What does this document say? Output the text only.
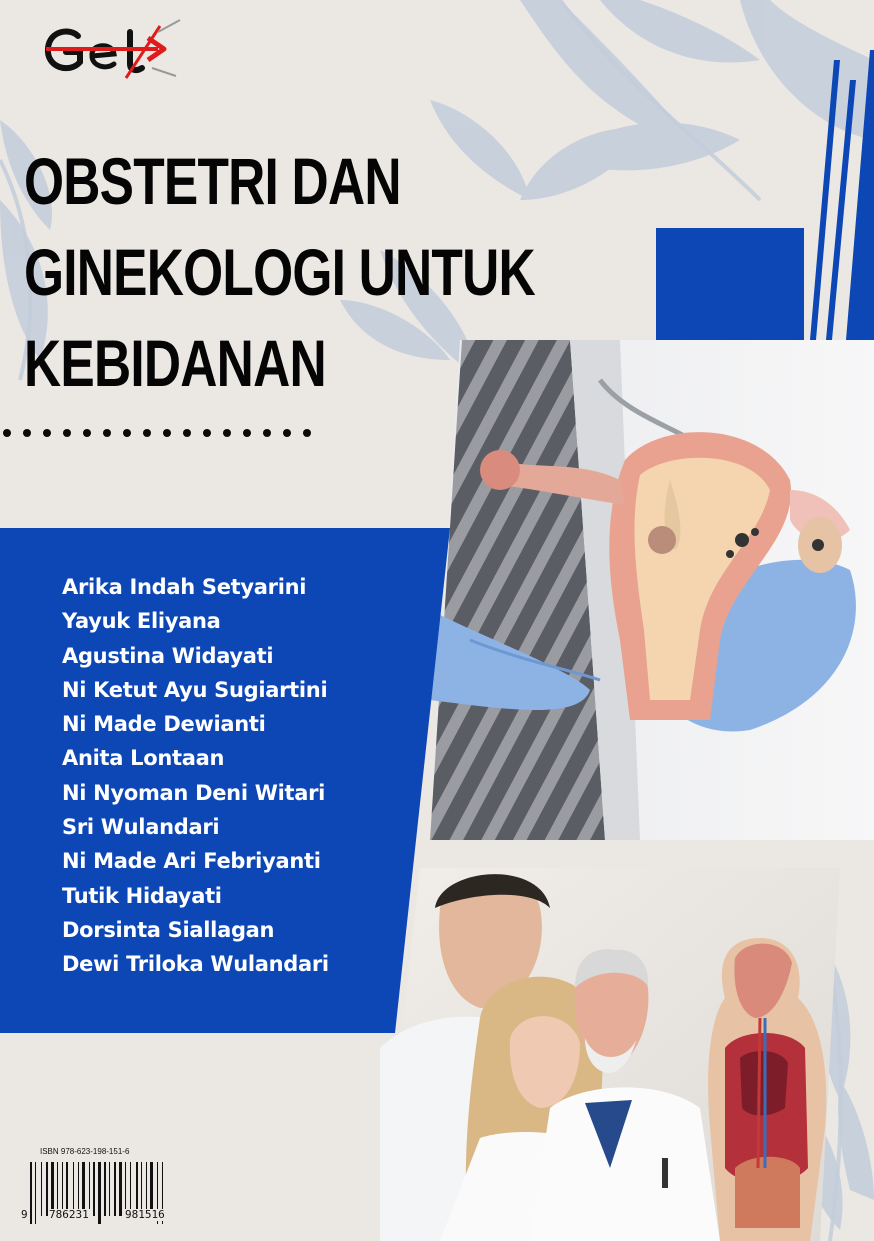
OBSTETRI DAN
GINEKOLOGI UNTUK
KEBIDANAN
Arika Indah Setyarini
Yayuk Eliyana
Agustina Widayati
Ni Ketut Ayu Sugiartini
Ni Made Dewianti
Anita Lontaan
Ni Nyoman Deni Witari
Sri Wulandari
Ni Made Ari Febriyanti
Tutik Hidayati
Dorsinta Siallagan
Dewi Triloka Wulandari
ISBN 978-623-198-151-6
9 786231	981516
